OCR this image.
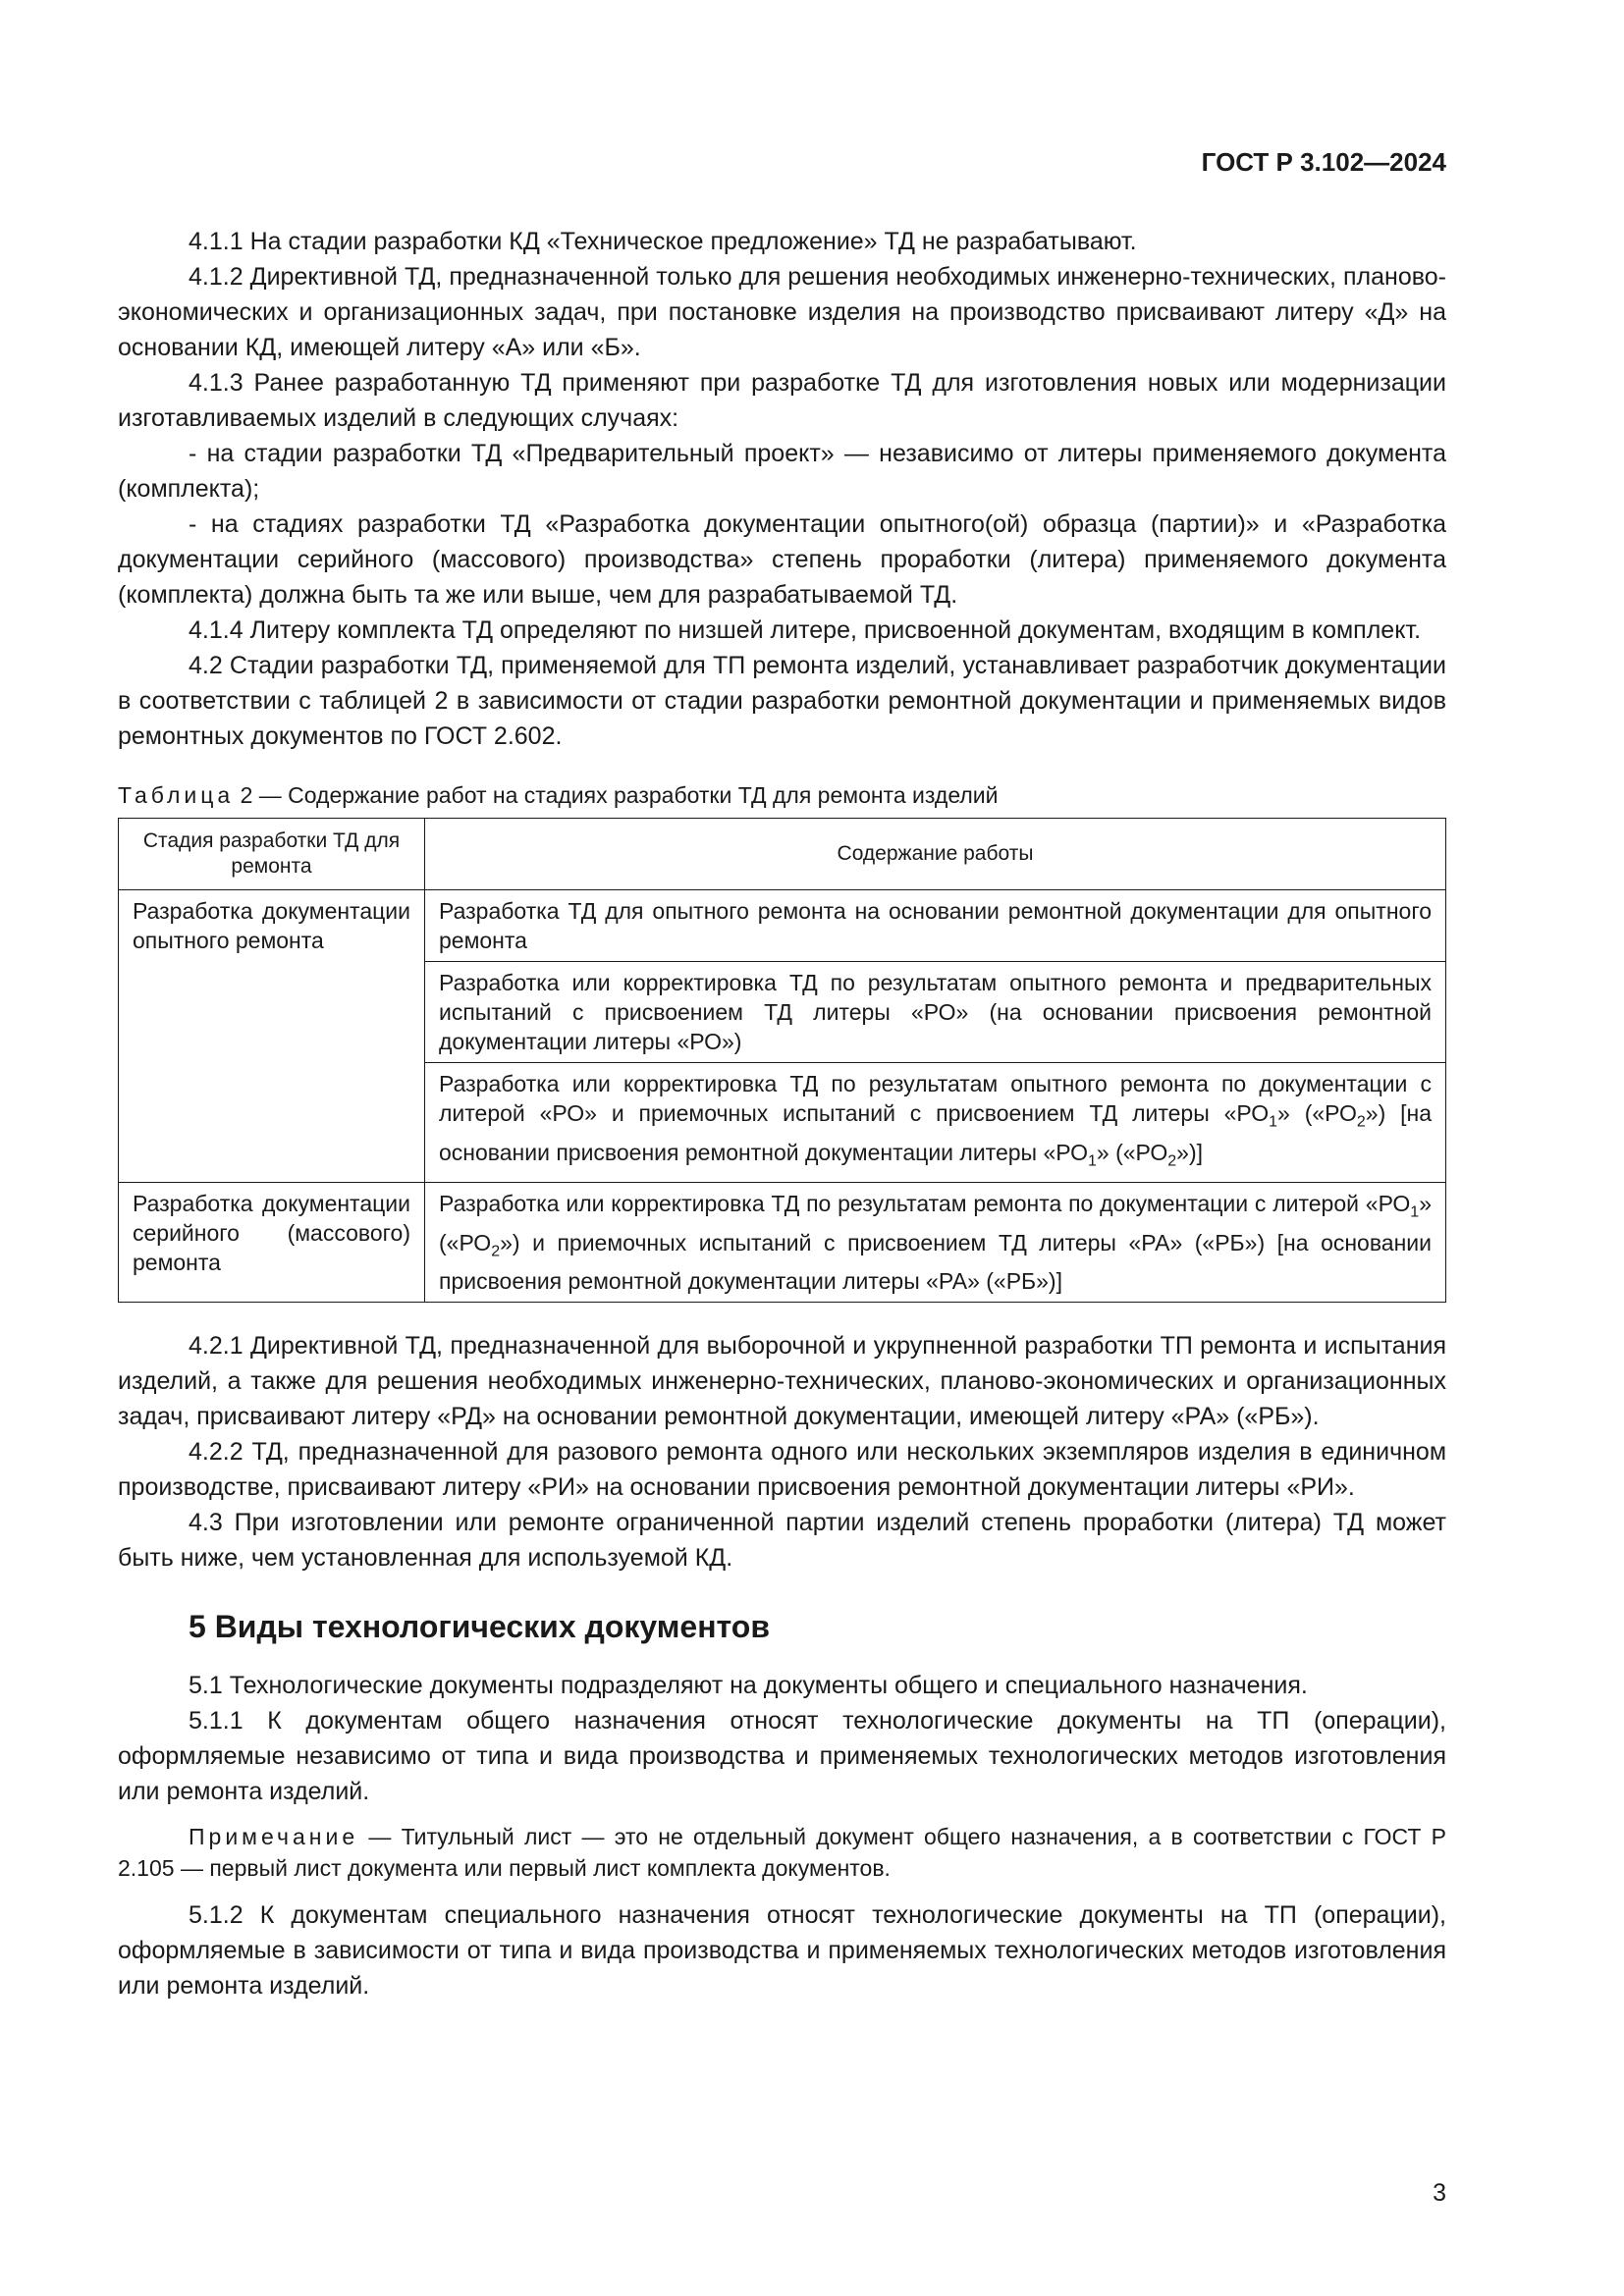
ГОСТ Р 3.102—2024

4.1.1 На стадии разработки КД «Техническое предложение» ТД не разрабатывают.

4.1.2 Директивной ТД, предназначенной только для решения необходимых инженерно-технических, планово-экономических и организационных задач, при постановке изделия на производство присваивают литеру «Д» на основании КД, имеющей литеру «А» или «Б».

4.1.3 Ранее разработанную ТД применяют при разработке ТД для изготовления новых или модернизации изготавливаемых изделий в следующих случаях:

- на стадии разработки ТД «Предварительный проект» — независимо от литеры применяемого документа (комплекта);

- на стадиях разработки ТД «Разработка документации опытного(ой) образца (партии)» и «Разработка документации серийного (массового) производства» степень проработки (литера) применяемого документа (комплекта) должна быть та же или выше, чем для разрабатываемой ТД.

4.1.4 Литеру комплекта ТД определяют по низшей литере, присвоенной документам, входящим в комплект.

4.2 Стадии разработки ТД, применяемой для ТП ремонта изделий, устанавливает разработчик документации в соответствии с таблицей 2 в зависимости от стадии разработки ремонтной документации и применяемых видов ремонтных документов по ГОСТ 2.602.

Таблица 2 — Содержание работ на стадиях разработки ТД для ремонта изделий
Стадия разработки ТД для ремонта	Содержание работы
Разработка документации опытного ремонта	Разработка ТД для опытного ремонта на основании ремонтной документации для опытного ремонта
	Разработка или корректировка ТД по результатам опытного ремонта и предварительных испытаний с присвоением ТД литеры «РО» (на основании присвоения ремонтной документации литеры «РО»)
	Разработка или корректировка ТД по результатам опытного ремонта по документации с литерой «РО» и приемочных испытаний с присвоением ТД литеры «$РО_1$» $(«РО_2»)$ [на основании присвоения ремонтной документации литеры «$РО_1$» $(«РО_2»)$]
Разработка документации серийного (массового) ремонта	Разработка или корректировка ТД по результатам ремонта по документации с литерой «$РО_1$» $(«РО_2»)$ и приемочных испытаний с присвоением ТД литеры «РА» («РБ») [на основании присвоения ремонтной документации литеры «РА» («РБ»)]

4.2.1 Директивной ТД, предназначенной для выборочной и укрупненной разработки ТП ремонта и испытания изделий, а также для решения необходимых инженерно-технических, планово-экономических и организационных задач, присваивают литеру «РД» на основании ремонтной документации, имеющей литеру «РА» («РБ»).

4.2.2 ТД, предназначенной для разового ремонта одного или нескольких экземпляров изделия в единичном производстве, присваивают литеру «РИ» на основании присвоения ремонтной документации литеры «РИ».

4.3 При изготовлении или ремонте ограниченной партии изделий степень проработки (литера) ТД может быть ниже, чем установленная для используемой КД.

5 Виды технологических документов

5.1 Технологические документы подразделяют на документы общего и специального назначения.

5.1.1 К документам общего назначения относят технологические документы на ТП (операции), оформляемые независимо от типа и вида производства и применяемых технологических методов изготовления или ремонта изделий.

Примечание — Титульный лист — это не отдельный документ общего назначения, а в соответствии с ГОСТ Р 2.105 — первый лист документа или первый лист комплекта документов.

5.1.2 К документам специального назначения относят технологические документы на ТП (операции), оформляемые в зависимости от типа и вида производства и применяемых технологических методов изготовления или ремонта изделий.

3
